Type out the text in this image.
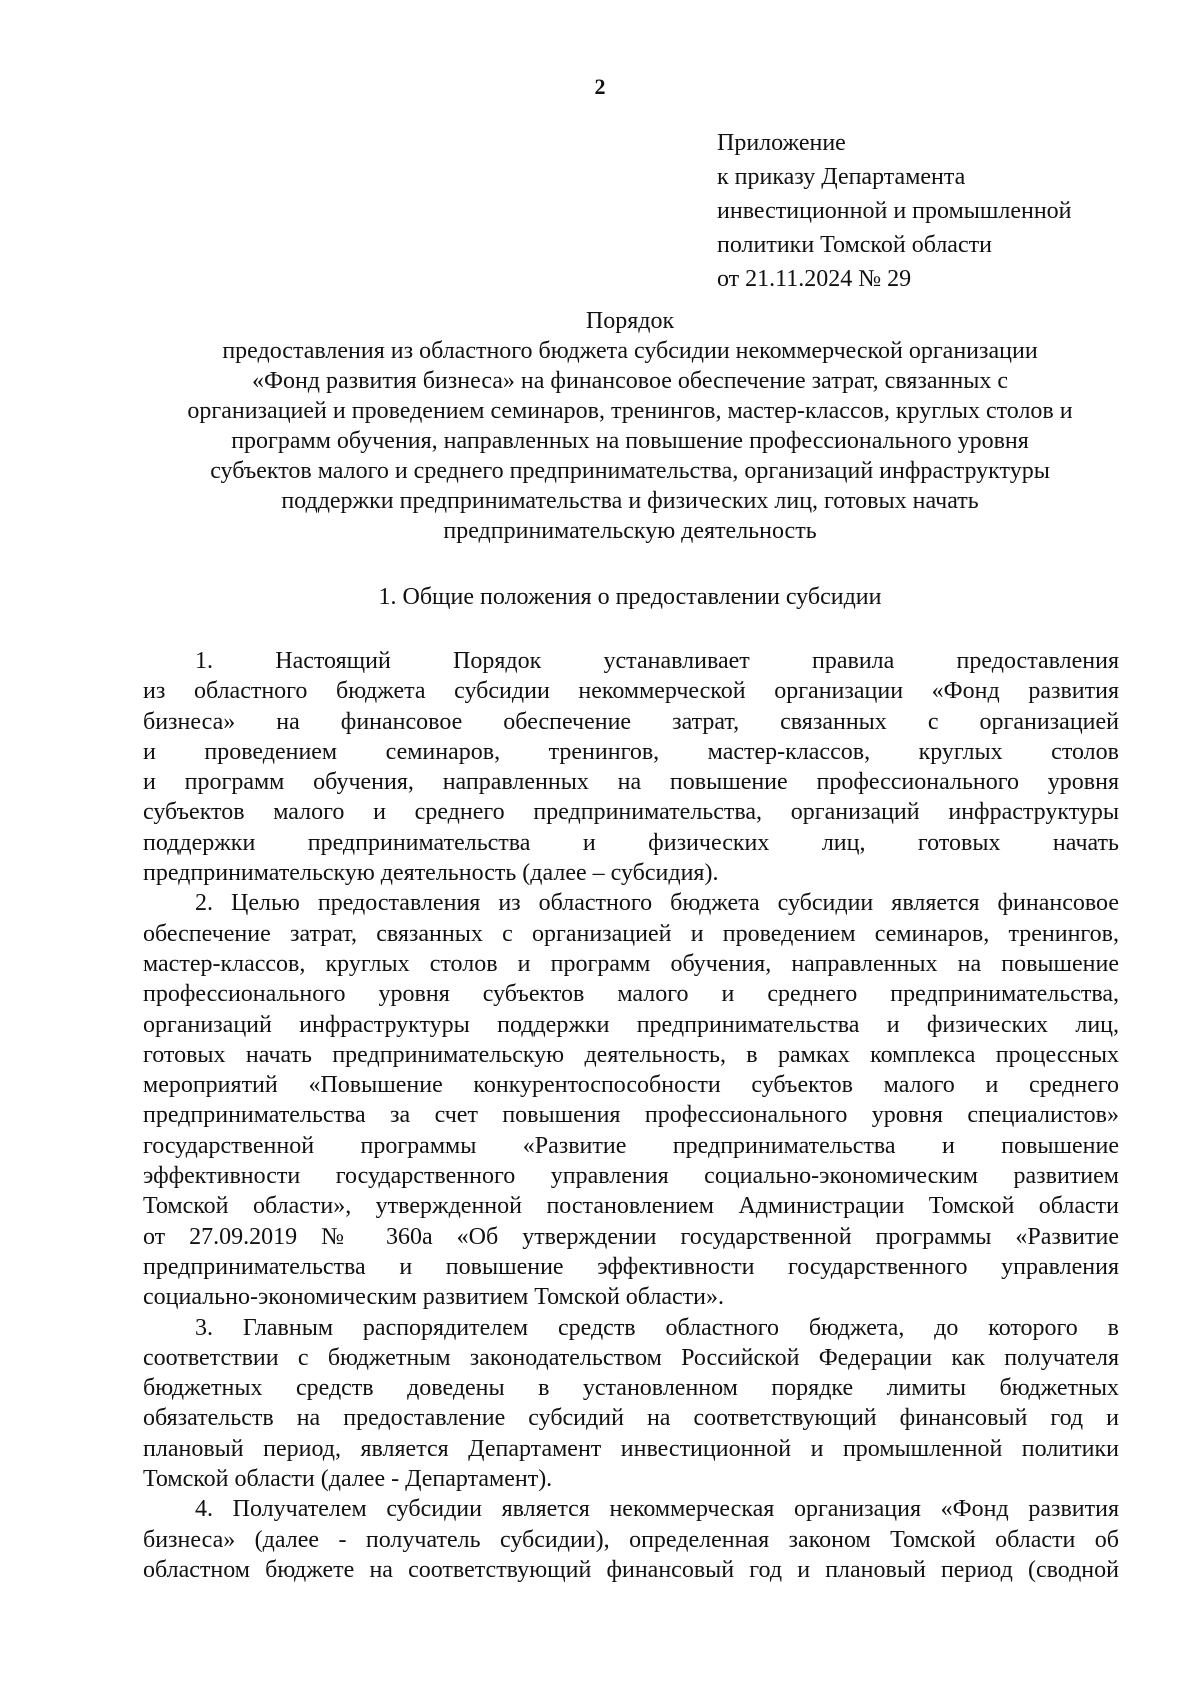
2
Приложение
к приказу Департамента
инвестиционной и промышленной
политики Томской области
от 21.11.2024 № 29
Порядок
предоставления из областного бюджета субсидии некоммерческой организации
«Фонд развития бизнеса» на финансовое обеспечение затрат, связанных с
организацией и проведением семинаров, тренингов, мастер-классов, круглых столов и
программ обучения, направленных на повышение профессионального уровня
субъектов малого и среднего предпринимательства, организаций инфраструктуры
поддержки предпринимательства и физических лиц, готовых начать
предпринимательскую деятельность
1. Общие положения о предоставлении субсидии
1. Настоящий Порядок устанавливает правила предоставления
из областного бюджета субсидии некоммерческой организации «Фонд развития
бизнеса» на финансовое обеспечение затрат, связанных с организацией
и проведением семинаров, тренингов, мастер-классов, круглых столов
и программ обучения, направленных на повышение профессионального уровня
субъектов малого и среднего предпринимательства, организаций инфраструктуры
поддержки предпринимательства и физических лиц, готовых начать
предпринимательскую деятельность (далее – субсидия).
2. Целью предоставления из областного бюджета субсидии является финансовое
обеспечение затрат, связанных с организацией и проведением семинаров, тренингов,
мастер-классов, круглых столов и программ обучения, направленных на повышение
профессионального уровня субъектов малого и среднего предпринимательства,
организаций инфраструктуры поддержки предпринимательства и физических лиц,
готовых начать предпринимательскую деятельность, в рамках комплекса процессных
мероприятий «Повышение конкурентоспособности субъектов малого и среднего
предпринимательства за счет повышения профессионального уровня специалистов»
государственной программы «Развитие предпринимательства и повышение
эффективности государственного управления социально-экономическим развитием
Томской области», утвержденной постановлением Администрации Томской области
от 27.09.2019 № 360а «Об утверждении государственной программы «Развитие
предпринимательства и повышение эффективности государственного управления
социально-экономическим развитием Томской области».
3. Главным распорядителем средств областного бюджета, до которого в
соответствии с бюджетным законодательством Российской Федерации как получателя
бюджетных средств доведены в установленном порядке лимиты бюджетных
обязательств на предоставление субсидий на соответствующий финансовый год и
плановый период, является Департамент инвестиционной и промышленной политики
Томской области (далее - Департамент).
4. Получателем субсидии является некоммерческая организация «Фонд развития
бизнеса» (далее - получатель субсидии), определенная законом Томской области об
областном бюджете на соответствующий финансовый год и плановый период (сводной
